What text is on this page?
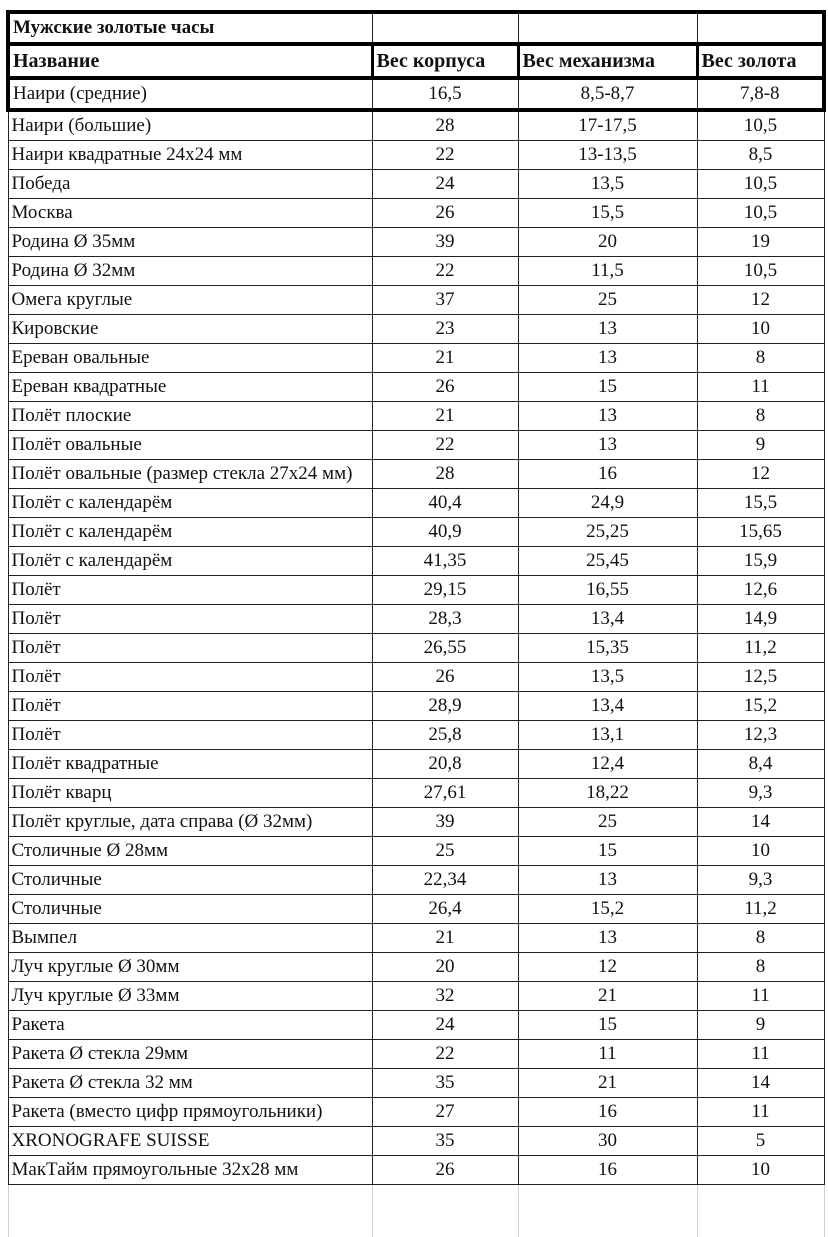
Мужские золотые часы			
Название	Вес корпуса	Вес механизма	Вес золота
Наири (средние)	16,5	8,5-8,7	7,8-8
Наири (большие)	28	17-17,5	10,5
Наири квадратные 24x24 мм	22	13-13,5	8,5
Победа	24	13,5	10,5
Москва	26	15,5	10,5
Родина Ø 35мм	39	20	19
Родина Ø 32мм	22	11,5	10,5
Омега круглые	37	25	12
Кировские	23	13	10
Ереван овальные	21	13	8
Ереван квадратные	26	15	11
Полёт плоские	21	13	8
Полёт овальные	22	13	9
Полёт овальные (размер стекла 27x24 мм)	28	16	12
Полёт с календарём	40,4	24,9	15,5
Полёт с календарём	40,9	25,25	15,65
Полёт с календарём	41,35	25,45	15,9
Полёт	29,15	16,55	12,6
Полёт	28,3	13,4	14,9
Полёт	26,55	15,35	11,2
Полёт	26	13,5	12,5
Полёт	28,9	13,4	15,2
Полёт	25,8	13,1	12,3
Полёт квадратные	20,8	12,4	8,4
Полёт кварц	27,61	18,22	9,3
Полёт круглые, дата справа (Ø 32мм)	39	25	14
Столичные Ø 28мм	25	15	10
Столичные	22,34	13	9,3
Столичные	26,4	15,2	11,2
Вымпел	21	13	8
Луч круглые Ø 30мм	20	12	8
Луч круглые Ø 33мм	32	21	11
Ракета	24	15	9
Ракета Ø стекла 29мм	22	11	11
Ракета Ø стекла 32 мм	35	21	14
Ракета (вместо цифр прямоугольники)	27	16	11
XRONOGRAFE SUISSE	35	30	5
МакТайм прямоугольные 32x28 мм	26	16	10
